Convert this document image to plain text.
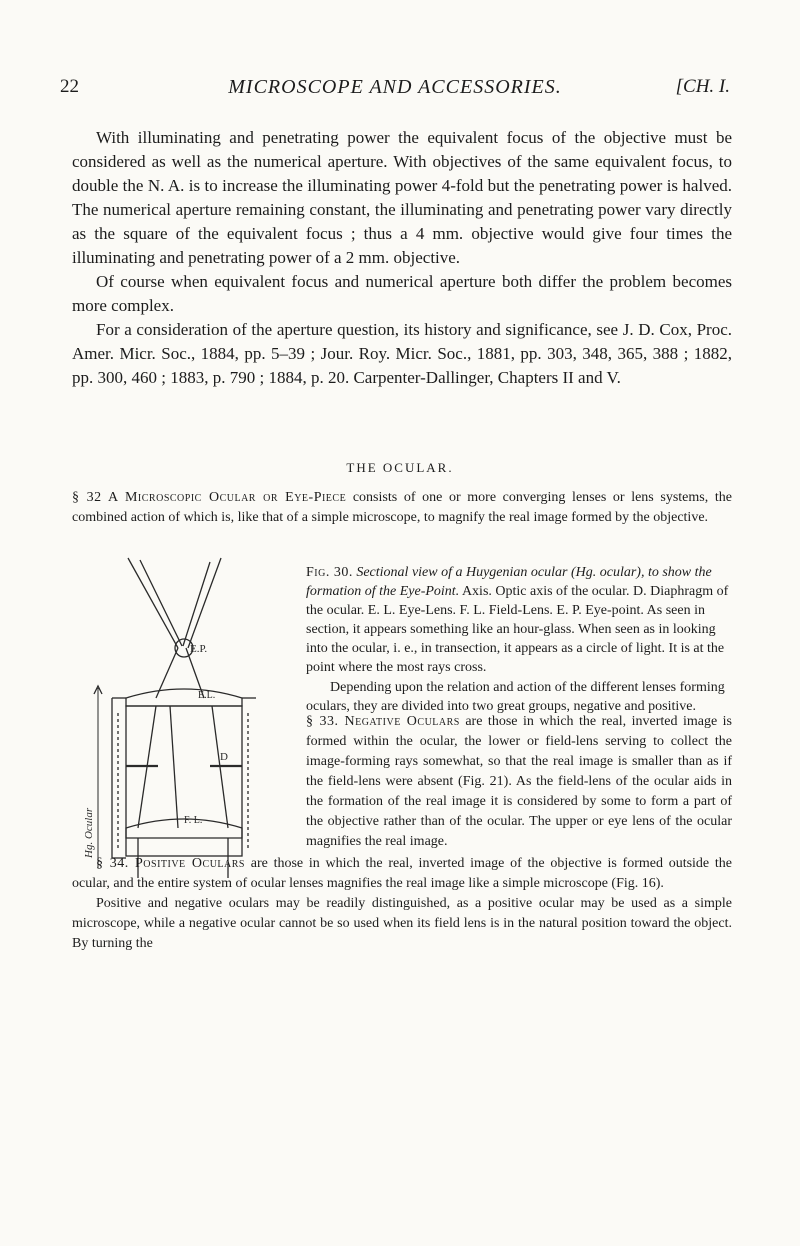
22	MICROSCOPE AND ACCESSORIES.	[CH. I.

With illuminating and penetrating power the equivalent focus of the objective must be considered as well as the numerical aperture. With objectives of the same equivalent focus, to double the N. A. is to increase the illuminating power 4-fold but the penetrating power is halved. The numerical aperture remaining constant, the illuminating and penetrating power vary directly as the square of the equivalent focus ; thus a 4 mm. objective would give four times the illuminating and penetrating power of a 2 mm. objective.

Of course when equivalent focus and numerical aperture both differ the problem becomes more complex.

For a consideration of the aperture question, its history and significance, see J. D. Cox, Proc. Amer. Micr. Soc., 1884, pp. 5–39 ; Jour. Roy. Micr. Soc., 1881, pp. 303, 348, 365, 388 ; 1882, pp. 300, 460 ; 1883, p. 790 ; 1884, p. 20. Carpenter-Dallinger, Chapters II and V.

THE OCULAR.
§ 32 A Microscopic Ocular or Eye-Piece consists of one or more converging lenses or lens systems, the combined action of which is, like that of a simple microscope, to magnify the real image formed by the objective.
E.P.
E.L.
D
F. L.
Hg. Ocular
Fig. 30. Sectional view of a Huygenian ocular (Hg. ocular), to show the formation of the Eye-Point. Axis. Optic axis of the ocular. D. Diaphragm of the ocular. E. L. Eye-Lens. F. L. Field-Lens. E. P. Eye-point. As seen in section, it appears something like an hour-glass. When seen as in looking into the ocular, i. e., in transection, it appears as a circle of light. It is at the point where the most rays cross.
Depending upon the relation and action of the different lenses forming oculars, they are divided into two great groups, negative and positive.
§ 33. Negative Oculars are those in which the real, inverted image is formed within the ocular, the lower or field-lens serving to collect the image-forming rays somewhat, so that the real image is smaller than as if the field-lens were absent (Fig. 21). As the field-lens of the ocular aids in the formation of the real image it is considered by some to form a part of the objective rather than of the ocular. The upper or eye lens of the ocular magnifies the real image.

§ 34. Positive Oculars are those in which the real, inverted image of the objective is formed outside the ocular, and the entire system of ocular lenses magnifies the real image like a simple microscope (Fig. 16).

Positive and negative oculars may be readily distinguished, as a positive ocular may be used as a simple microscope, while a negative ocular cannot be so used when its field lens is in the natural position toward the object. By turning the
